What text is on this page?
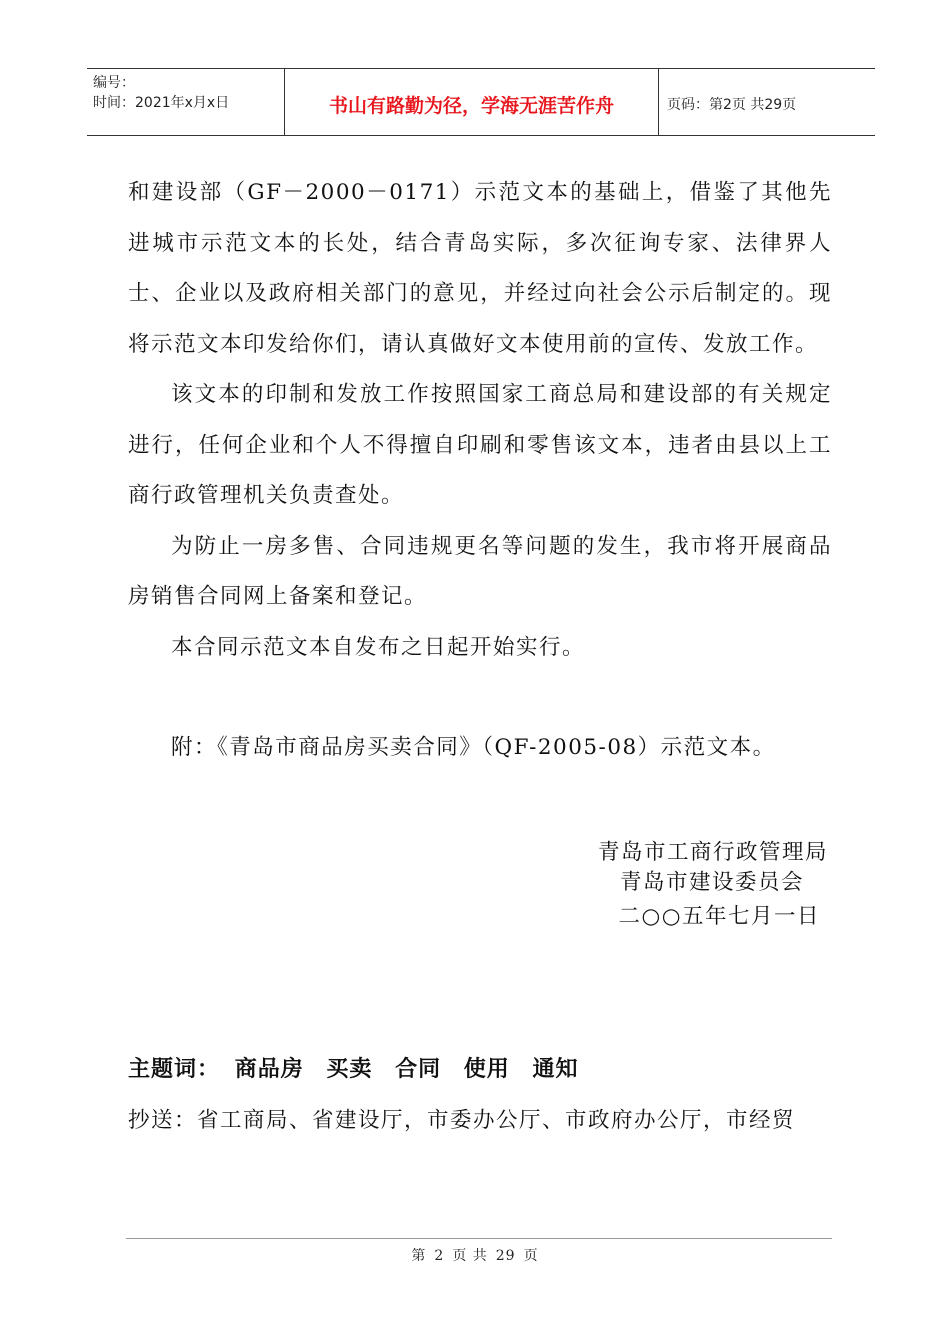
编号：
时间：2021年x月x日	书山有路勤为径，学海无涯苦作舟	页码：第2页 共29页

和建设部（GF－2000－0171）示范文本的基础上，借鉴了其他先进城市示范文本的长处，结合青岛实际，多次征询专家、法律界人士、企业以及政府相关部门的意见，并经过向社会公示后制定的。现将示范文本印发给你们，请认真做好文本使用前的宣传、发放工作。

该文本的印制和发放工作按照国家工商总局和建设部的有关规定进行，任何企业和个人不得擅自印刷和零售该文本，违者由县以上工商行政管理机关负责查处。

为防止一房多售、合同违规更名等问题的发生，我市将开展商品房销售合同网上备案和登记。

本合同示范文本自发布之日起开始实行。

附：《青岛市商品房买卖合同》（QF-2005-08）示范文本。

青岛市工商行政管理局
青岛市建设委员会
二○○五年七月一日
主题词： 商品房 买卖 合同 使用 通知
抄送：省工商局、省建设厅，市委办公厅、市政府办公厅，市经贸
第 2 页 共 29 页
